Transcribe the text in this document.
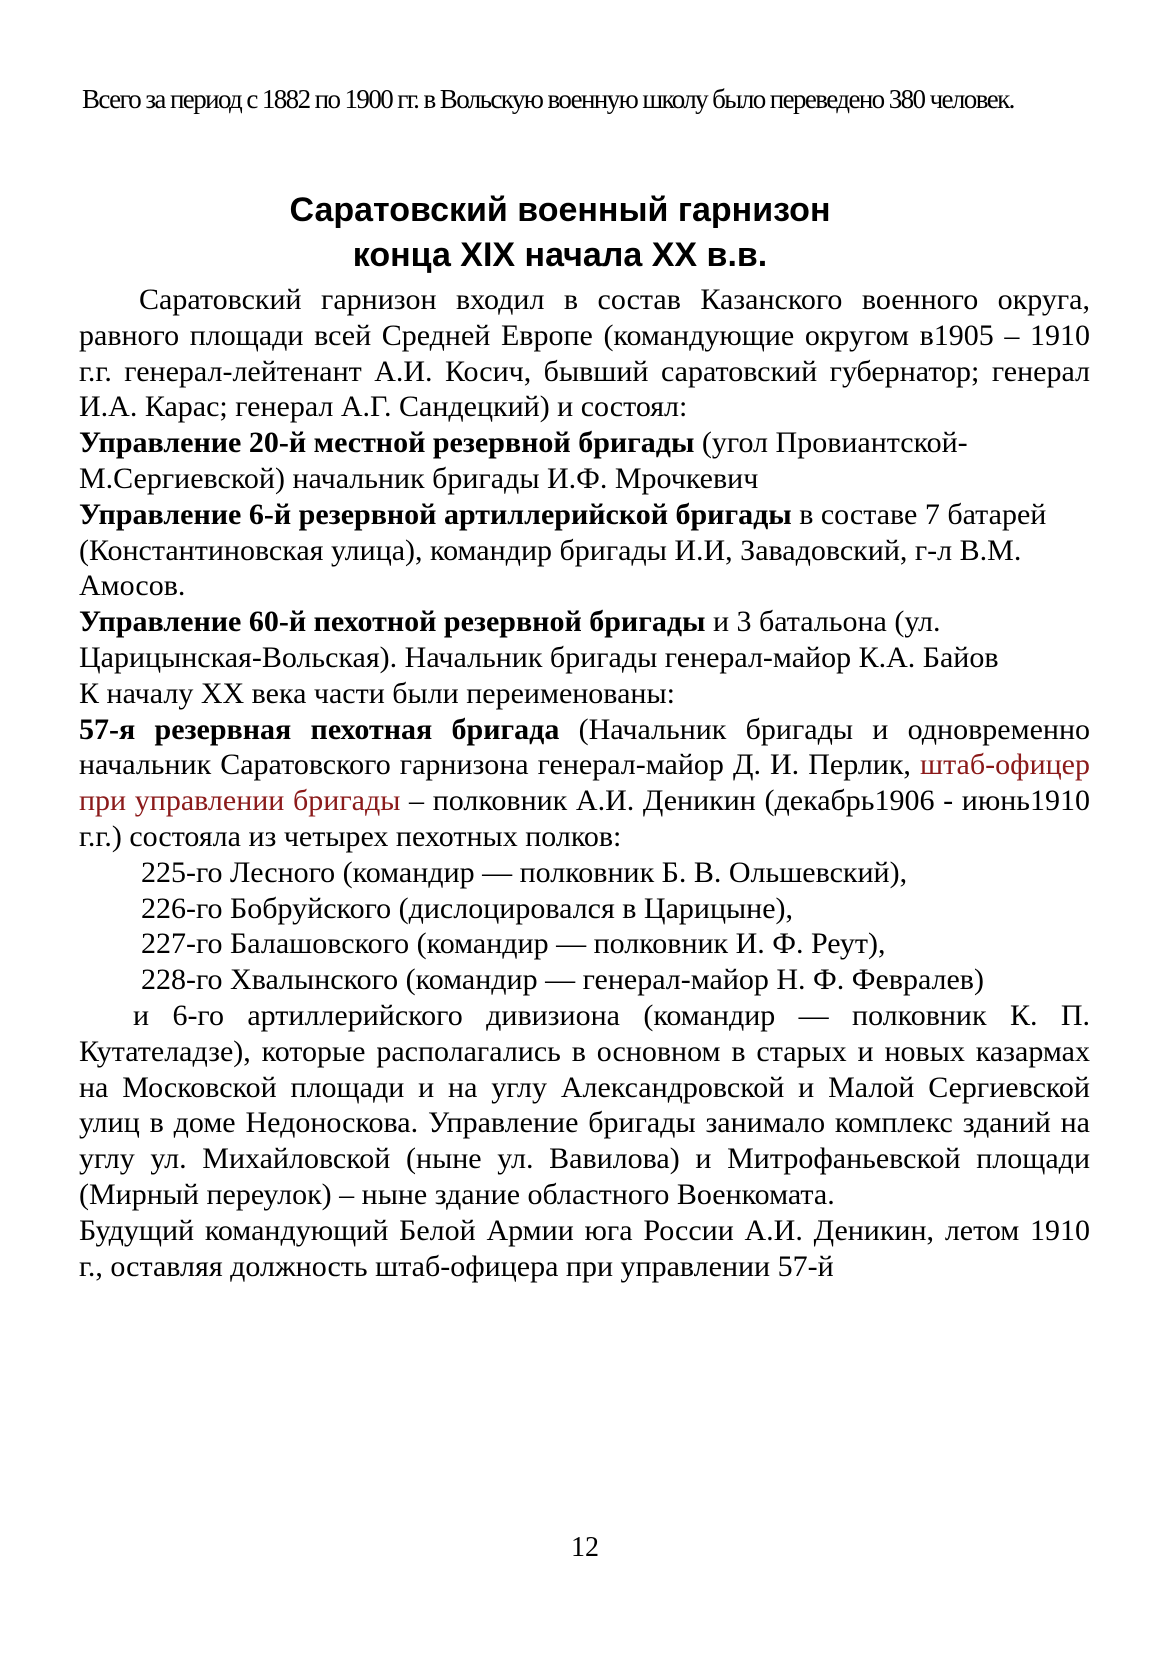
Всего за период с 1882 по 1900 гг. в Вольскую военную школу было переведено 380 человек.

Саратовский военный гарнизон
конца XIX начала XX в.в.

Саратовский гарнизон входил в состав Казанского военного округа, равного площади всей Средней Европе (командующие округом в1905 – 1910 г.г. генерал-лейтенант А.И. Косич, бывший саратовский губернатор; генерал И.А. Карас; генерал А.Г. Сандецкий) и состоял:

Управление 20-й местной резервной бригады (угол Провиантской-М.Сергиевской) начальник бригады И.Ф. Мрочкевич

Управление 6-й резервной артиллерийской бригады в составе 7 батарей (Константиновская улица), командир бригады И.И, Завадовский, г-л В.М. Амосов.

Управление 60-й пехотной резервной бригады и 3 батальона (ул. Царицынская-Вольская). Начальник бригады генерал-майор К.А. Байов

К началу XX века части были переименованы:

57-я резервная пехотная бригада (Начальник бригады и одновременно начальник Саратовского гарнизона генерал-майор Д. И. Перлик, штаб-офицер при управлении бригады – полковник А.И. Деникин (декабрь1906 - июнь1910 г.г.) состояла из четырех пехотных полков:

225-го Лесного (командир — полковник Б. В. Ольшевский),

226-го Бобруйского (дислоцировался в Царицыне),

227-го Балашовского (командир — полковник И. Ф. Реут),

228-го Хвалынского (командир — генерал-майор Н. Ф. Февралев)

и 6-го артиллерийского дивизиона (командир — полковник К. П. Кутателадзе), которые располагались в основном в старых и новых казармах на Московской площади и на углу Александровской и Малой Сергиевской улиц в доме Недоноскова. Управление бригады занимало комплекс зданий на углу ул. Михайловской (ныне ул. Вавилова) и Митрофаньевской площади (Мирный переулок) – ныне здание областного Военкомата.

Будущий командующий Белой Армии юга России А.И. Деникин, летом 1910 г., оставляя должность штаб-офицера при управлении 57-й

12
